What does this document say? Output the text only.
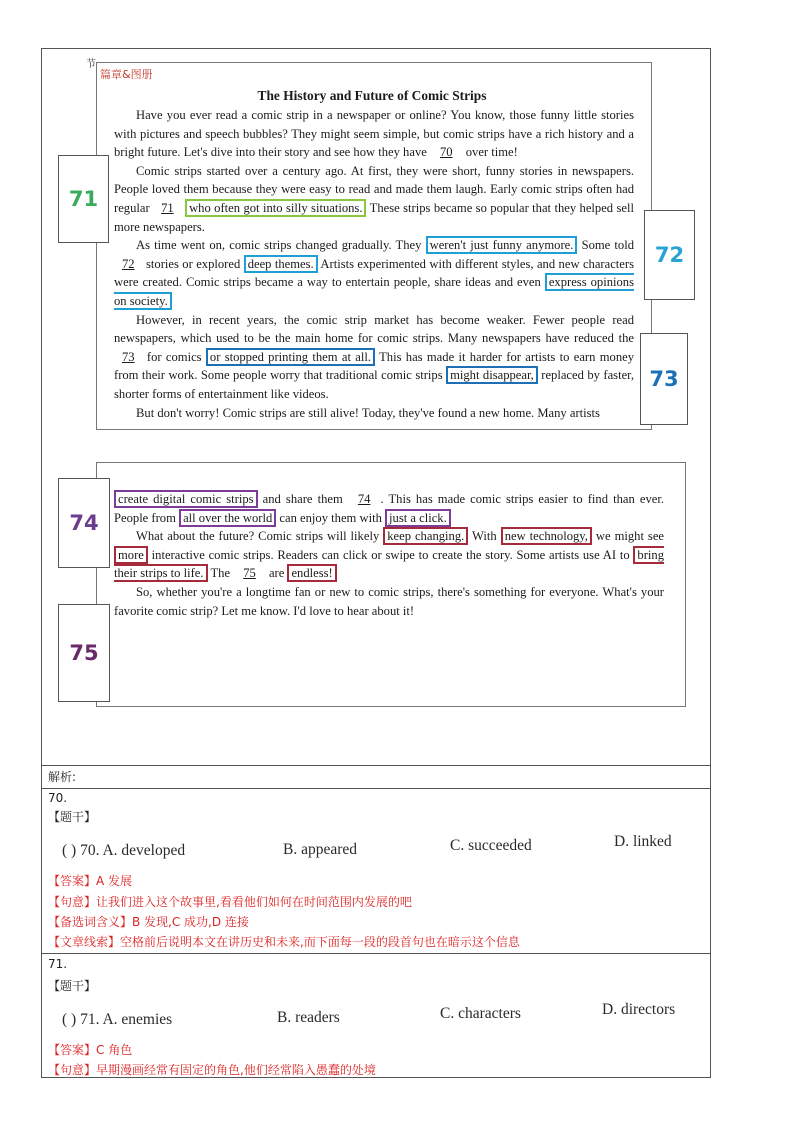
节
篇章&图册
The History and Future of Comic Strips

Have you ever read a comic strip in a newspaper or online? You know, those funny little stories with pictures and speech bubbles? They might seem simple, but comic strips have a rich history and a bright future. Let's dive into their story and see how they have 70 over time!

Comic strips started over a century ago. At first, they were short, funny stories in newspapers. People loved them because they were easy to read and made them laugh. Early comic strips often had regular 71 who often got into silly situations. These strips became so popular that they helped sell more newspapers.

As time went on, comic strips changed gradually. They weren't just funny anymore. Some told 72 stories or explored deep themes. Artists experimented with different styles, and new characters were created. Comic strips became a way to entertain people, share ideas and even express opinions on society.

However, in recent years, the comic strip market has become weaker. Fewer people read newspapers, which used to be the main home for comic strips. Many newspapers have reduced the 73 for comics or stopped printing them at all. This has made it harder for artists to earn money from their work. Some people worry that traditional comic strips might disappear, replaced by faster, shorter forms of entertainment like videos.

But don't worry! Comic strips are still alive! Today, they've found a new home. Many artists

create digital comic strips and share them 74 . This has made comic strips easier to find than ever. People from all over the world can enjoy them with just a click.

What about the future? Comic strips will likely keep changing. With new technology, we might see more interactive comic strips. Readers can click or swipe to create the story. Some artists use AI to bring their strips to life. The 75 are endless!

So, whether you're a longtime fan or new to comic strips, there's something for everyone. What's your favorite comic strip? Let me know. I'd love to hear about it!

71
72
73
74
75
解析:
70.
【题干】
( ) 70. A. developed	B. appeared	C. succeeded	D. linked
【答案】A 发展
【句意】让我们进入这个故事里,看看他们如何在时间范围内发展的吧
【备选词含义】B 发现,C 成功,D 连接
【文章线索】空格前后说明本文在讲历史和未来,而下面每一段的段首句也在暗示这个信息
71.
【题干】
( ) 71. A. enemies	B. readers	C. characters	D. directors
【答案】C 角色
【句意】早期漫画经常有固定的角色,他们经常陷入愚蠢的处境
